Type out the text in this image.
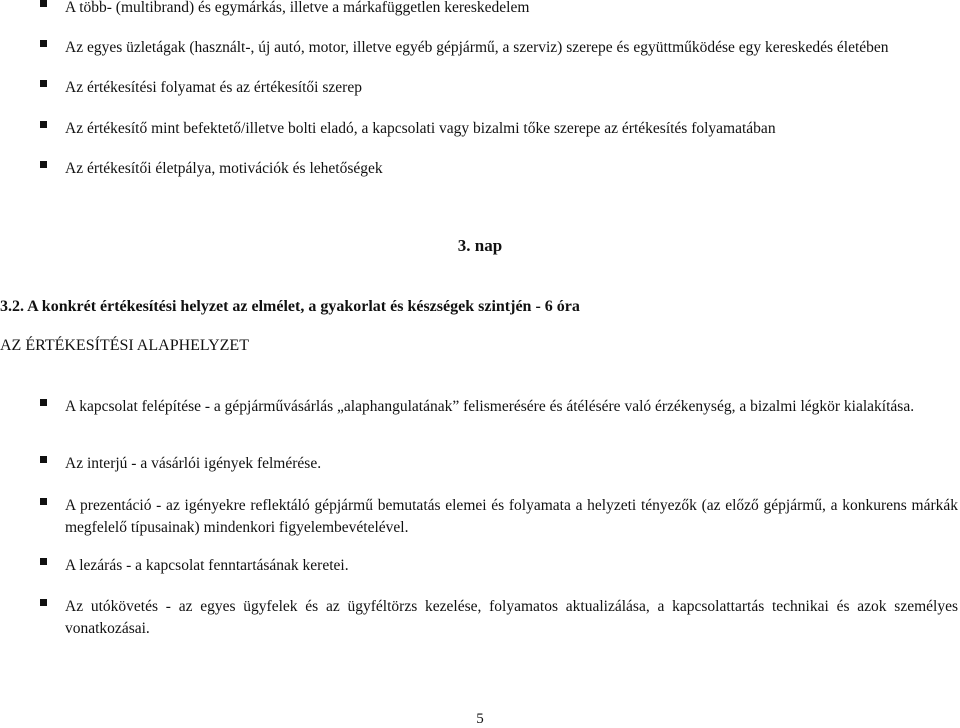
A több- (multibrand) és egymárkás, illetve a márkafüggetlen kereskedelem
Az egyes üzletágak (használt-, új autó, motor, illetve egyéb gépjármű, a szerviz) szerepe és együttműködése egy kereskedés életében
Az értékesítési folyamat és az értékesítői szerep
Az értékesítő mint befektető/illetve bolti eladó, a kapcsolati vagy bizalmi tőke szerepe az értékesítés folyamatában
Az értékesítői életpálya, motivációk és lehetőségek
3. nap
3.2. A konkrét értékesítési helyzet az elmélet, a gyakorlat és készségek szintjén - 6 óra
AZ ÉRTÉKESÍTÉSI ALAPHELYZET
A kapcsolat felépítése - a gépjárművásárlás „alaphangulatának” felismerésére és átélésére való érzékenység, a bizalmi légkör kialakítása.
Az interjú - a vásárlói igények felmérése.
A prezentáció - az igényekre reflektáló gépjármű bemutatás elemei és folyamata a helyzeti tényezők (az előző gépjármű, a konkurens márkák megfelelő típusainak) mindenkori figyelembevételével.
A lezárás - a kapcsolat fenntartásának keretei.
Az utókövetés - az egyes ügyfelek és az ügyféltörzs kezelése, folyamatos aktualizálása, a kapcsolattartás technikai és azok személyes vonatkozásai.
5
